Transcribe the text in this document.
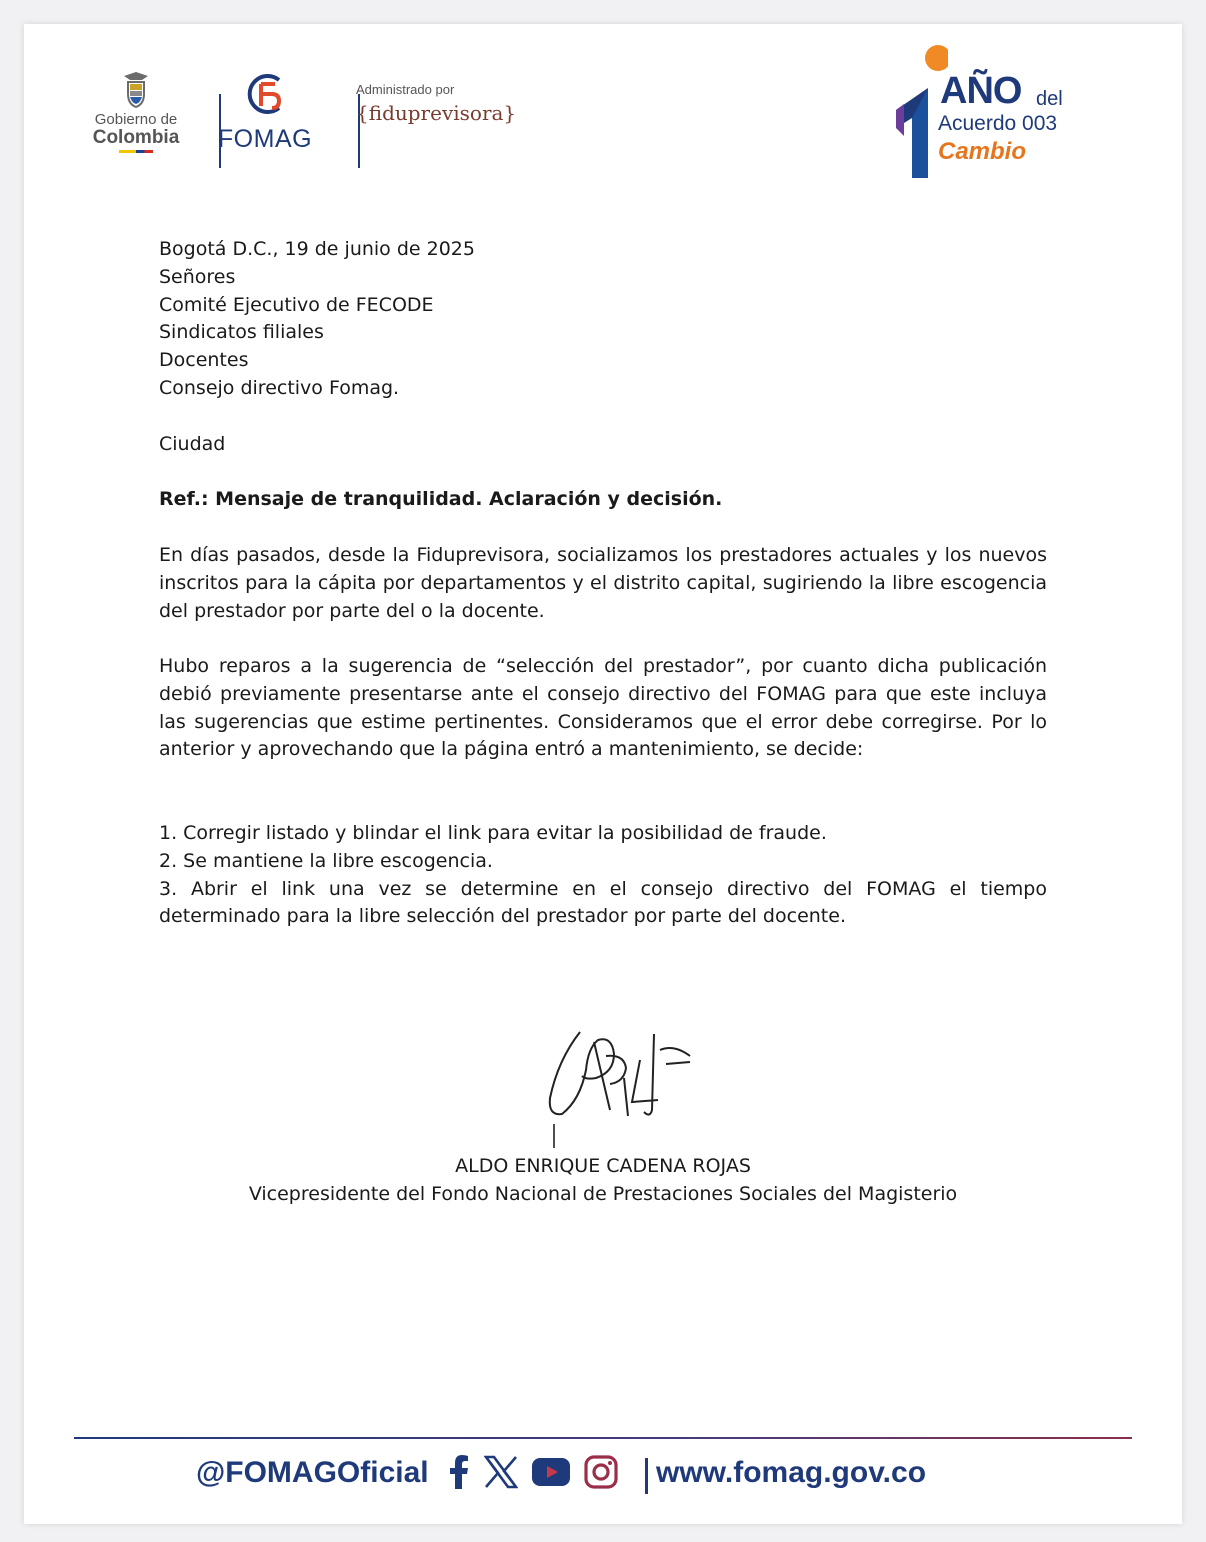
Gobierno de
Colombia FOMAG
Administrado por
{fiduprevisora}
AÑO del
Acuerdo 003
Cambio
Bogotá D.C., 19 de junio de 2025
Señores
Comité Ejecutivo de FECODE
Sindicatos filiales
Docentes
Consejo directivo Fomag.
Ciudad
Ref.: Mensaje de tranquilidad. Aclaración y decisión.
En días pasados, desde la Fiduprevisora, socializamos los prestadores actuales y los nuevos inscritos para la cápita por departamentos y el distrito capital, sugiriendo la libre escogencia del prestador por parte del o la docente.
Hubo reparos a la sugerencia de “selección del prestador”, por cuanto dicha publicación debió previamente presentarse ante el consejo directivo del FOMAG para que este incluya las sugerencias que estime pertinentes. Consideramos que el error debe corregirse. Por lo anterior y aprovechando que la página entró a mantenimiento, se decide:
1. Corregir listado y blindar el link para evitar la posibilidad de fraude.
2. Se mantiene la libre escogencia.
3. Abrir el link una vez se determine en el consejo directivo del FOMAG el tiempo determinado para la libre selección del prestador por parte del docente.
ALDO ENRIQUE CADENA ROJAS
Vicepresidente del Fondo Nacional de Prestaciones Sociales del Magisterio
@FOMAGOficial	www.fomag.gov.co
